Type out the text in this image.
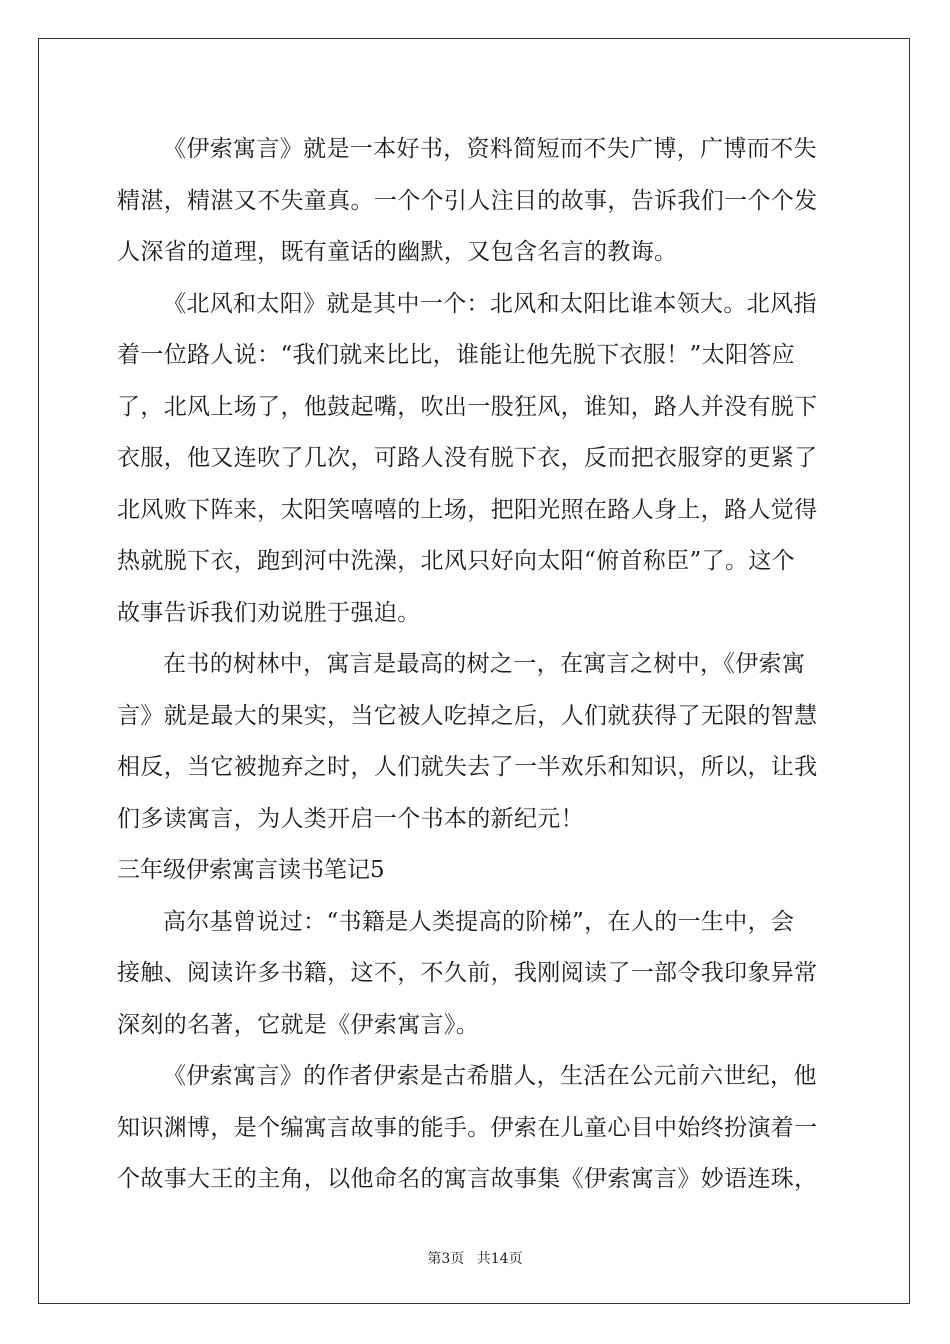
《伊索寓言》就是一本好书，资料简短而不失广博，广博而不失
精湛，精湛又不失童真。一个个引人注目的故事，告诉我们一个个发
人深省的道理，既有童话的幽默，又包含名言的教诲。
《北风和太阳》就是其中一个：北风和太阳比谁本领大。北风指
着一位路人说：“我们就来比比，谁能让他先脱下衣服！”太阳答应
了，北风上场了，他鼓起嘴，吹出一股狂风，谁知，路人并没有脱下
衣服，他又连吹了几次，可路人没有脱下衣，反而把衣服穿的更紧了
北风败下阵来，太阳笑嘻嘻的上场，把阳光照在路人身上，路人觉得
热就脱下衣，跑到河中洗澡，北风只好向太阳“俯首称臣”了。这个
故事告诉我们劝说胜于强迫。
在书的树林中，寓言是最高的树之一，在寓言之树中，《伊索寓
言》就是最大的果实，当它被人吃掉之后，人们就获得了无限的智慧
相反，当它被抛弃之时，人们就失去了一半欢乐和知识，所以，让我
们多读寓言，为人类开启一个书本的新纪元！
三年级伊索寓言读书笔记5
高尔基曾说过：“书籍是人类提高的阶梯”，在人的一生中，会
接触、阅读许多书籍，这不，不久前，我刚阅读了一部令我印象异常
深刻的名著，它就是《伊索寓言》。
《伊索寓言》的作者伊索是古希腊人，生活在公元前六世纪，他
知识渊博，是个编寓言故事的能手。伊索在儿童心目中始终扮演着一
个故事大王的主角，以他命名的寓言故事集《伊索寓言》妙语连珠，
第3页 共14页
